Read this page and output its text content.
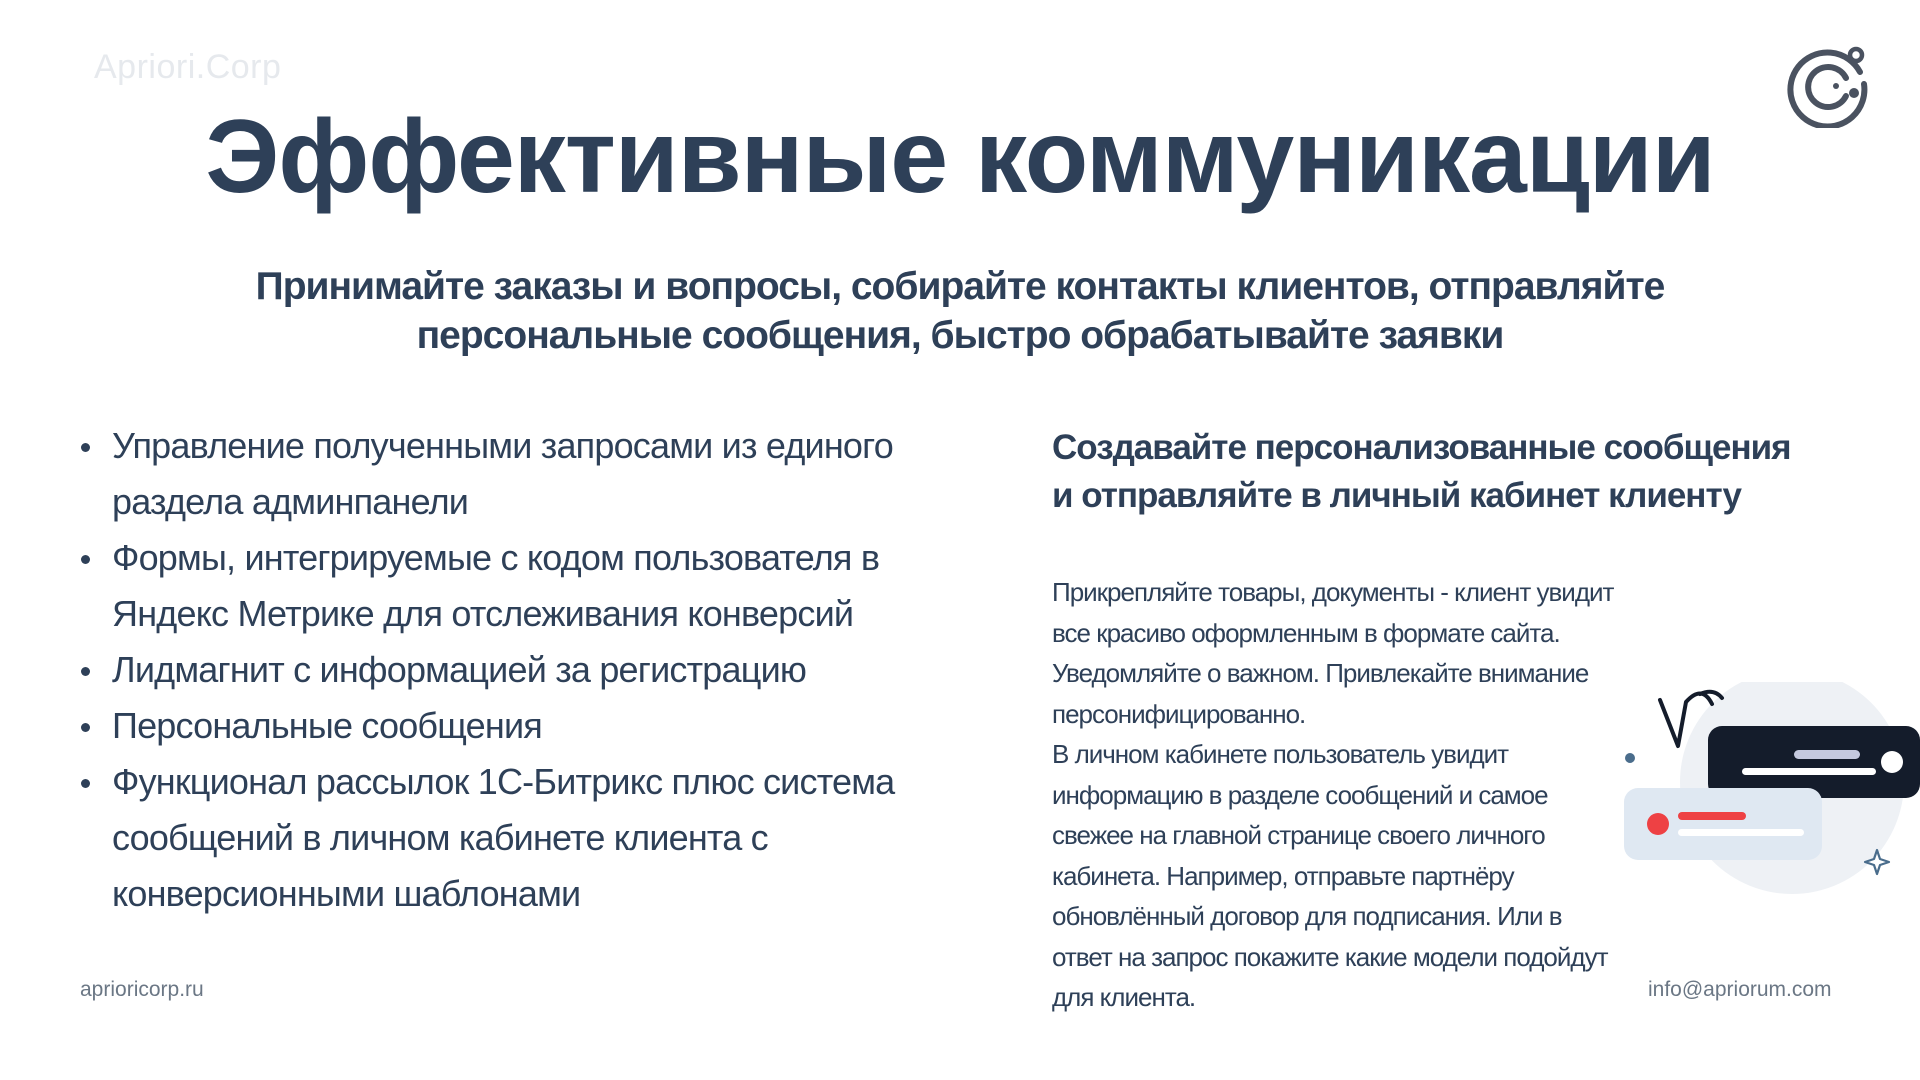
Apriori.Corp
Эффективные коммуникации
Принимайте заказы и вопросы, собирайте контакты клиентов, отправляйте
персональные сообщения, быстро обрабатывайте заявки
Управление полученными запросами из единого раздела админпанели
Формы, интегрируемые с кодом пользователя в Яндекс Метрике для отслеживания конверсий
Лидмагнит с информацией за регистрацию
Персональные сообщения
Функционал рассылок 1С-Битрикс плюс система сообщений в личном кабинете клиента с конверсионными шаблонами
Создавайте персонализованные сообщения
и отправляйте в личный кабинет клиенту

Прикрепляйте товары, документы - клиент увидит все красиво оформленным в формате сайта. Уведомляйте о важном. Привлекайте внимание персонифицированно.

В личном кабинете пользователь увидит информацию в разделе сообщений и самое свежее на главной странице своего личного кабинета. Например, отправьте партнёру обновлённый договор для подписания. Или в ответ на запрос покажите какие модели подойдут для клиента.

aprioricorp.ru	info@apriorum.com
